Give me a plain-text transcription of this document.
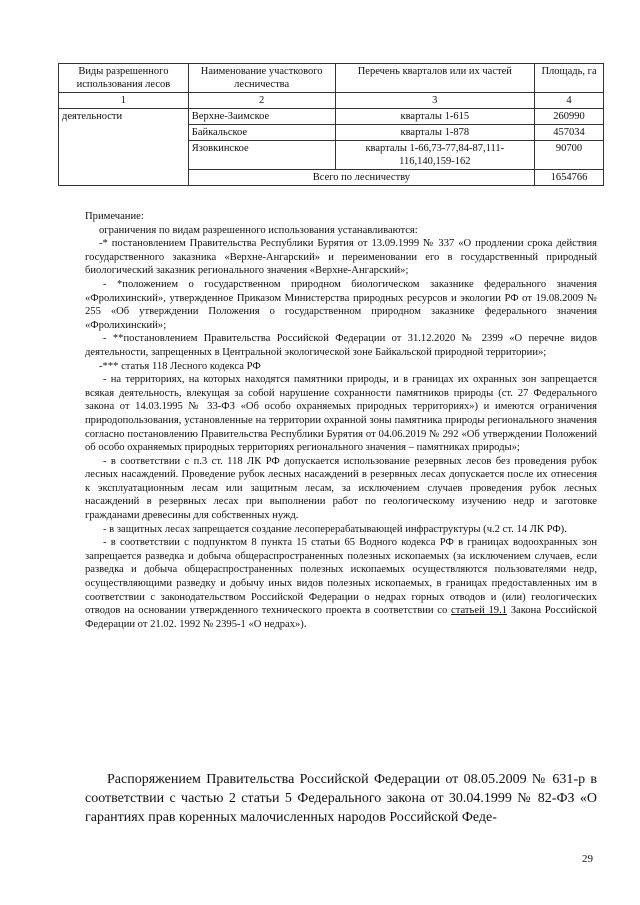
Виды разрешенного использования лесов	Наименование участкового лесничества	Перечень кварталов или их частей	Площадь, га
1	2	3	4
деятельности	Верхне-Заимское	кварталы 1-615	260990
	Байкальское	кварталы 1-878	457034
	Язовкинское	кварталы 1-66,73-77,84-87,111-116,140,159-162	90700
	Всего по лесничеству		1654766

Примечание:

ограничения по видам разрешенного использования устанавливаются:

-* постановлением Правительства Республики Бурятия от 13.09.1999 № 337 «О продлении срока действия государственного заказника «Верхне-Ангарский» и переименовании его в государственный природный биологический заказник регионального значения «Верхне-Ангарский»;

- *положением о государственном природном биологическом заказнике федерального значения «Фролихинский», утвержденное Приказом Министерства природных ресурсов и экологии РФ от 19.08.2009 № 255 «Об утверждении Положения о государственном природном заказнике федерального значения «Фролихинский»;

- **постановлением Правительства Российской Федерации от 31.12.2020 № 2399 «О перечне видов деятельности, запрещенных в Центральной экологической зоне Байкальской природной территории»;

-*** статья 118 Лесного кодекса РФ

- на территориях, на которых находятся памятники природы, и в границах их охранных зон запрещается всякая деятельность, влекущая за собой нарушение сохранности памятников природы (ст. 27 Федерального закона от 14.03.1995 № 33-ФЗ «Об особо охраняемых природных территориях») и имеются ограничения природопользования, установленные на территории охранной зоны памятника природы регионального значения согласно постановлению Правительства Республики Бурятия от 04.06.2019 № 292 «Об утверждении Положений об особо охраняемых природных территориях регионального значения – памятниках природы»;

- в соответствии с п.3 ст. 118 ЛК РФ допускается использование резервных лесов без проведения рубок лесных насаждений. Проведение рубок лесных насаждений в резервных лесах допускается после их отнесения к эксплуатационным лесам или защитным лесам, за исключением случаев проведения рубок лесных насаждений в резервных лесах при выполнении работ по геологическому изучению недр и заготовке гражданами древесины для собственных нужд.

- в защитных лесах запрещается создание лесоперерабатывающей инфраструктуры (ч.2 ст. 14 ЛК РФ).

- в соответствии с подпунктом 8 пункта 15 статьи 65 Водного кодекса РФ в границах водоохранных зон запрещается разведка и добыча общераспространенных полезных ископаемых (за исключением случаев, если разведка и добыча общераспространенных полезных ископаемых осуществляются пользователями недр, осуществляющими разведку и добычу иных видов полезных ископаемых, в границах предоставленных им в соответствии с законодательством Российской Федерации о недрах горных отводов и (или) геологических отводов на основании утвержденного технического проекта в соответствии со статьей 19.1 Закона Российской Федерации от 21.02. 1992 № 2395-1 «О недрах»).

Распоряжением Правительства Российской Федерации от 08.05.2009 № 631-р в соответствии с частью 2 статьи 5 Федерального закона от 30.04.1999 № 82-ФЗ «О гарантиях прав коренных малочисленных народов Российской Феде-

29
